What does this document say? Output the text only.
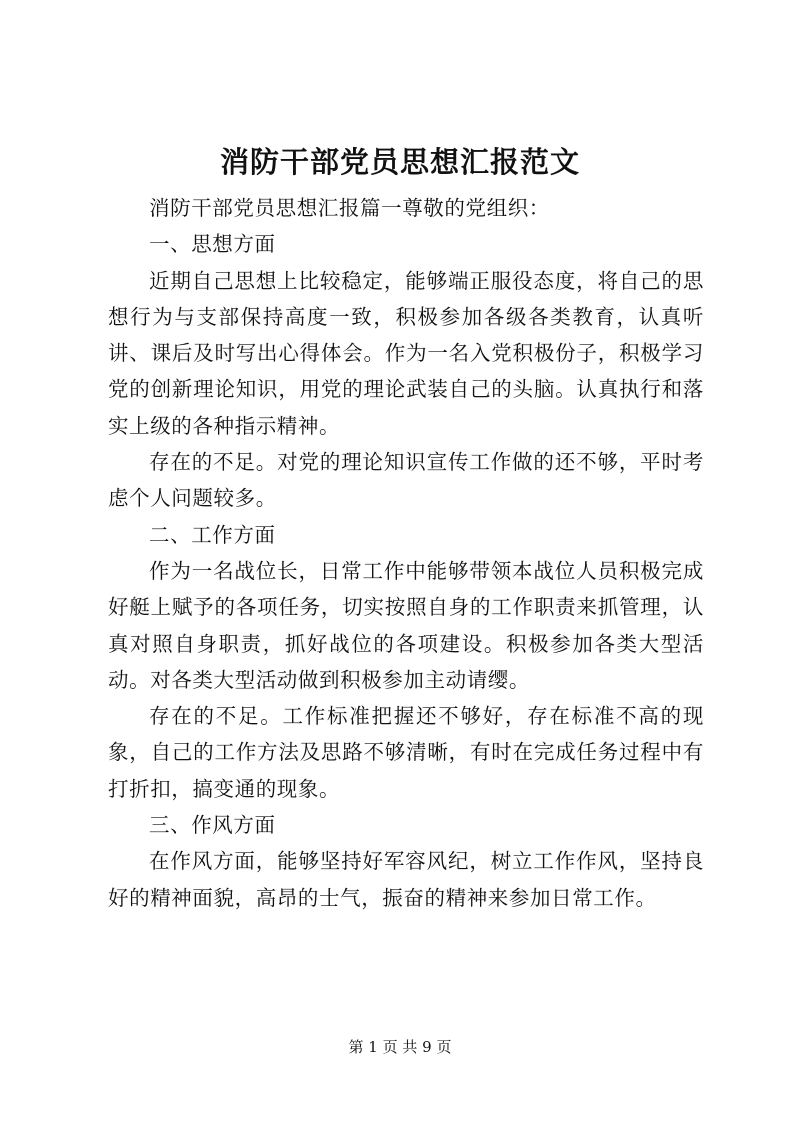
消防干部党员思想汇报范文

消防干部党员思想汇报篇一尊敬的党组织：

一、思想方面

近期自己思想上比较稳定，能够端正服役态度，将自己的思想行为与支部保持高度一致，积极参加各级各类教育，认真听讲、课后及时写出心得体会。作为一名入党积极份子，积极学习党的创新理论知识，用党的理论武装自己的头脑。认真执行和落实上级的各种指示精神。

存在的不足。对党的理论知识宣传工作做的还不够，平时考虑个人问题较多。

二、工作方面

作为一名战位长，日常工作中能够带领本战位人员积极完成好艇上赋予的各项任务，切实按照自身的工作职责来抓管理，认真对照自身职责，抓好战位的各项建设。积极参加各类大型活动。对各类大型活动做到积极参加主动请缨。

存在的不足。工作标准把握还不够好，存在标准不高的现象，自己的工作方法及思路不够清晰，有时在完成任务过程中有打折扣，搞变通的现象。

三、作风方面

在作风方面，能够坚持好军容风纪，树立工作作风，坚持良好的精神面貌，高昂的士气，振奋的精神来参加日常工作。

第 1 页 共 9 页
